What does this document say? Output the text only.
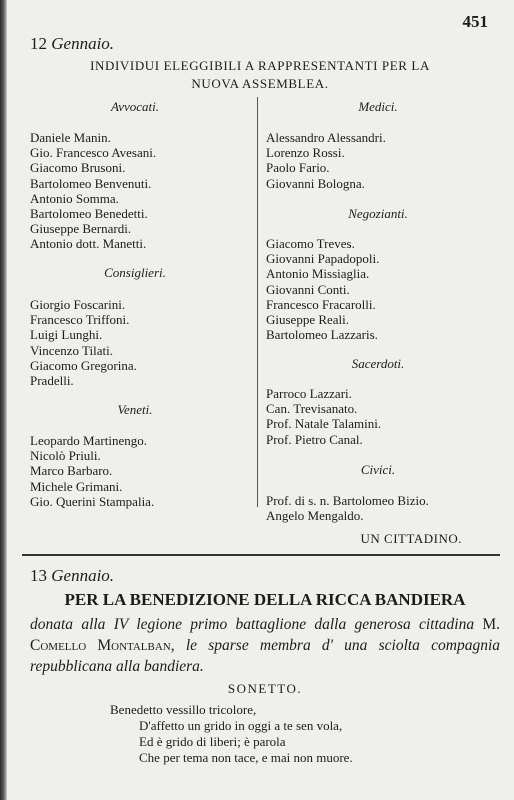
451
12 Gennaio.
INDIVIDUI ELEGGIBILI A RAPPRESENTANTI PER LA
NUOVA ASSEMBLEA.
Avvocati.
Daniele Manin.
Gio. Francesco Avesani.
Giacomo Brusoni.
Bartolomeo Benvenuti.
Antonio Somma.
Bartolomeo Benedetti.
Giuseppe Bernardi.
Antonio dott. Manetti.
Consiglieri.
Giorgio Foscarini.
Francesco Triffoni.
Luigi Lunghi.
Vincenzo Tilati.
Giacomo Gregorina.
Pradelli.
Veneti.
Leopardo Martinengo.
Nicolò Priuli.
Marco Barbaro.
Michele Grimani.
Gio. Querini Stampalia.
Medici.
Alessandro Alessandri.
Lorenzo Rossi.
Paolo Fario.
Giovanni Bologna.
Negozianti.
Giacomo Treves.
Giovanni Papadopoli.
Antonio Missiaglia.
Giovanni Conti.
Francesco Fracarolli.
Giuseppe Reali.
Bartolomeo Lazzaris.
Sacerdoti.
Parroco Lazzari.
Can. Trevisanato.
Prof. Natale Talamini.
Prof. Pietro Canal.
Civici.
Prof. di s. n. Bartolomeo Bizio.
Angelo Mengaldo.
UN CITTADINO.
13 Gennaio.
PER LA BENEDIZIONE DELLA RICCA BANDIERA
donata alla IV legione primo battaglione dalla generosa cittadina M. Comello Montalban, le sparse membra d' una sciolta compagnia repubblicana alla bandiera.
SONETTO.
Benedetto vessillo tricolore,
D'affetto un grido in oggi a te sen vola,
Ed è grido di liberi; è parola
Che per tema non tace, e mai non muore.
